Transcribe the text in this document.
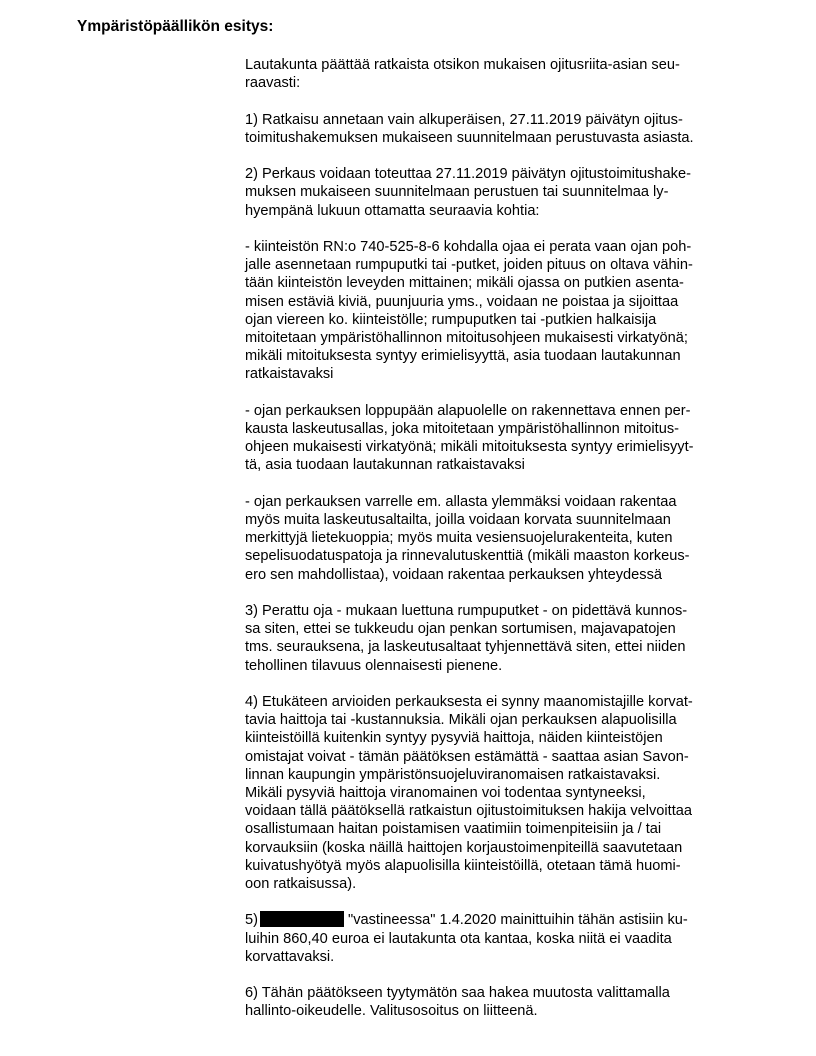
Ympäristöpäällikön esitys:

Lautakunta päättää ratkaista otsikon mukaisen ojitusriita-asian seu-
raavasti:

1) Ratkaisu annetaan vain alkuperäisen, 27.11.2019 päivätyn ojitus-
toimitushakemuksen mukaiseen suunnitelmaan perustuvasta asiasta.

2) Perkaus voidaan toteuttaa 27.11.2019 päivätyn ojitustoimitushake-
muksen mukaiseen suunnitelmaan perustuen tai suunnitelmaa ly-
hyempänä lukuun ottamatta seuraavia kohtia:

- kiinteistön RN:o 740-525-8-6 kohdalla ojaa ei perata vaan ojan poh-
jalle asennetaan rumpuputki tai -putket, joiden pituus on oltava vähin-
tään kiinteistön leveyden mittainen; mikäli ojassa on putkien asenta-
misen estäviä kiviä, puunjuuria yms., voidaan ne poistaa ja sijoittaa
ojan viereen ko. kiinteistölle; rumpuputken tai -putkien halkaisija
mitoitetaan ympäristöhallinnon mitoitusohjeen mukaisesti virkatyönä;
mikäli mitoituksesta syntyy erimielisyyttä, asia tuodaan lautakunnan
ratkaistavaksi

- ojan perkauksen loppupään alapuolelle on rakennettava ennen per-
kausta laskeutusallas, joka mitoitetaan ympäristöhallinnon mitoitus-
ohjeen mukaisesti virkatyönä; mikäli mitoituksesta syntyy erimielisyyt-
tä, asia tuodaan lautakunnan ratkaistavaksi

- ojan perkauksen varrelle em. allasta ylemmäksi voidaan rakentaa
myös muita laskeutusaltailta, joilla voidaan korvata suunnitelmaan
merkittyjä lietekuoppia; myös muita vesiensuojelurakenteita, kuten
sepelisuodatuspatoja ja rinnevalutuskenttiä (mikäli maaston korkeus-
ero sen mahdollistaa), voidaan rakentaa perkauksen yhteydessä

3) Perattu oja - mukaan luettuna rumpuputket - on pidettävä kunnos-
sa siten, ettei se tukkeudu ojan penkan sortumisen, majavapatojen
tms. seurauksena, ja laskeutusaltaat tyhjennettävä siten, ettei niiden
tehollinen tilavuus olennaisesti pienene.

4) Etukäteen arvioiden perkauksesta ei synny maanomistajille korvat-
tavia haittoja tai -kustannuksia. Mikäli ojan perkauksen alapuolisilla
kiinteistöillä kuitenkin syntyy pysyviä haittoja, näiden kiinteistöjen
omistajat voivat - tämän päätöksen estämättä - saattaa asian Savon-
linnan kaupungin ympäristönsuojeluviranomaisen ratkaistavaksi.
Mikäli pysyviä haittoja viranomainen voi todentaa syntyneeksi,
voidaan tällä päätöksellä ratkaistun ojitustoimituksen hakija velvoittaa
osallistumaan haitan poistamisen vaatimiin toimenpiteisiin ja / tai
korvauksiin (koska näillä haittojen korjaustoimenpiteillä saavutetaan
kuivatushyötyä myös alapuolisilla kiinteistöillä, otetaan tämä huomi-
oon ratkaisussa).

5)	"vastineessa" 1.4.2020 mainittuihin tähän astisiin ku-
luihin 860,40 euroa ei lautakunta ota kantaa, koska niitä ei vaadita
korvattavaksi.

6) Tähän päätökseen tyytymätön saa hakea muutosta valittamalla
hallinto-oikeudelle. Valitusosoitus on liitteenä.
